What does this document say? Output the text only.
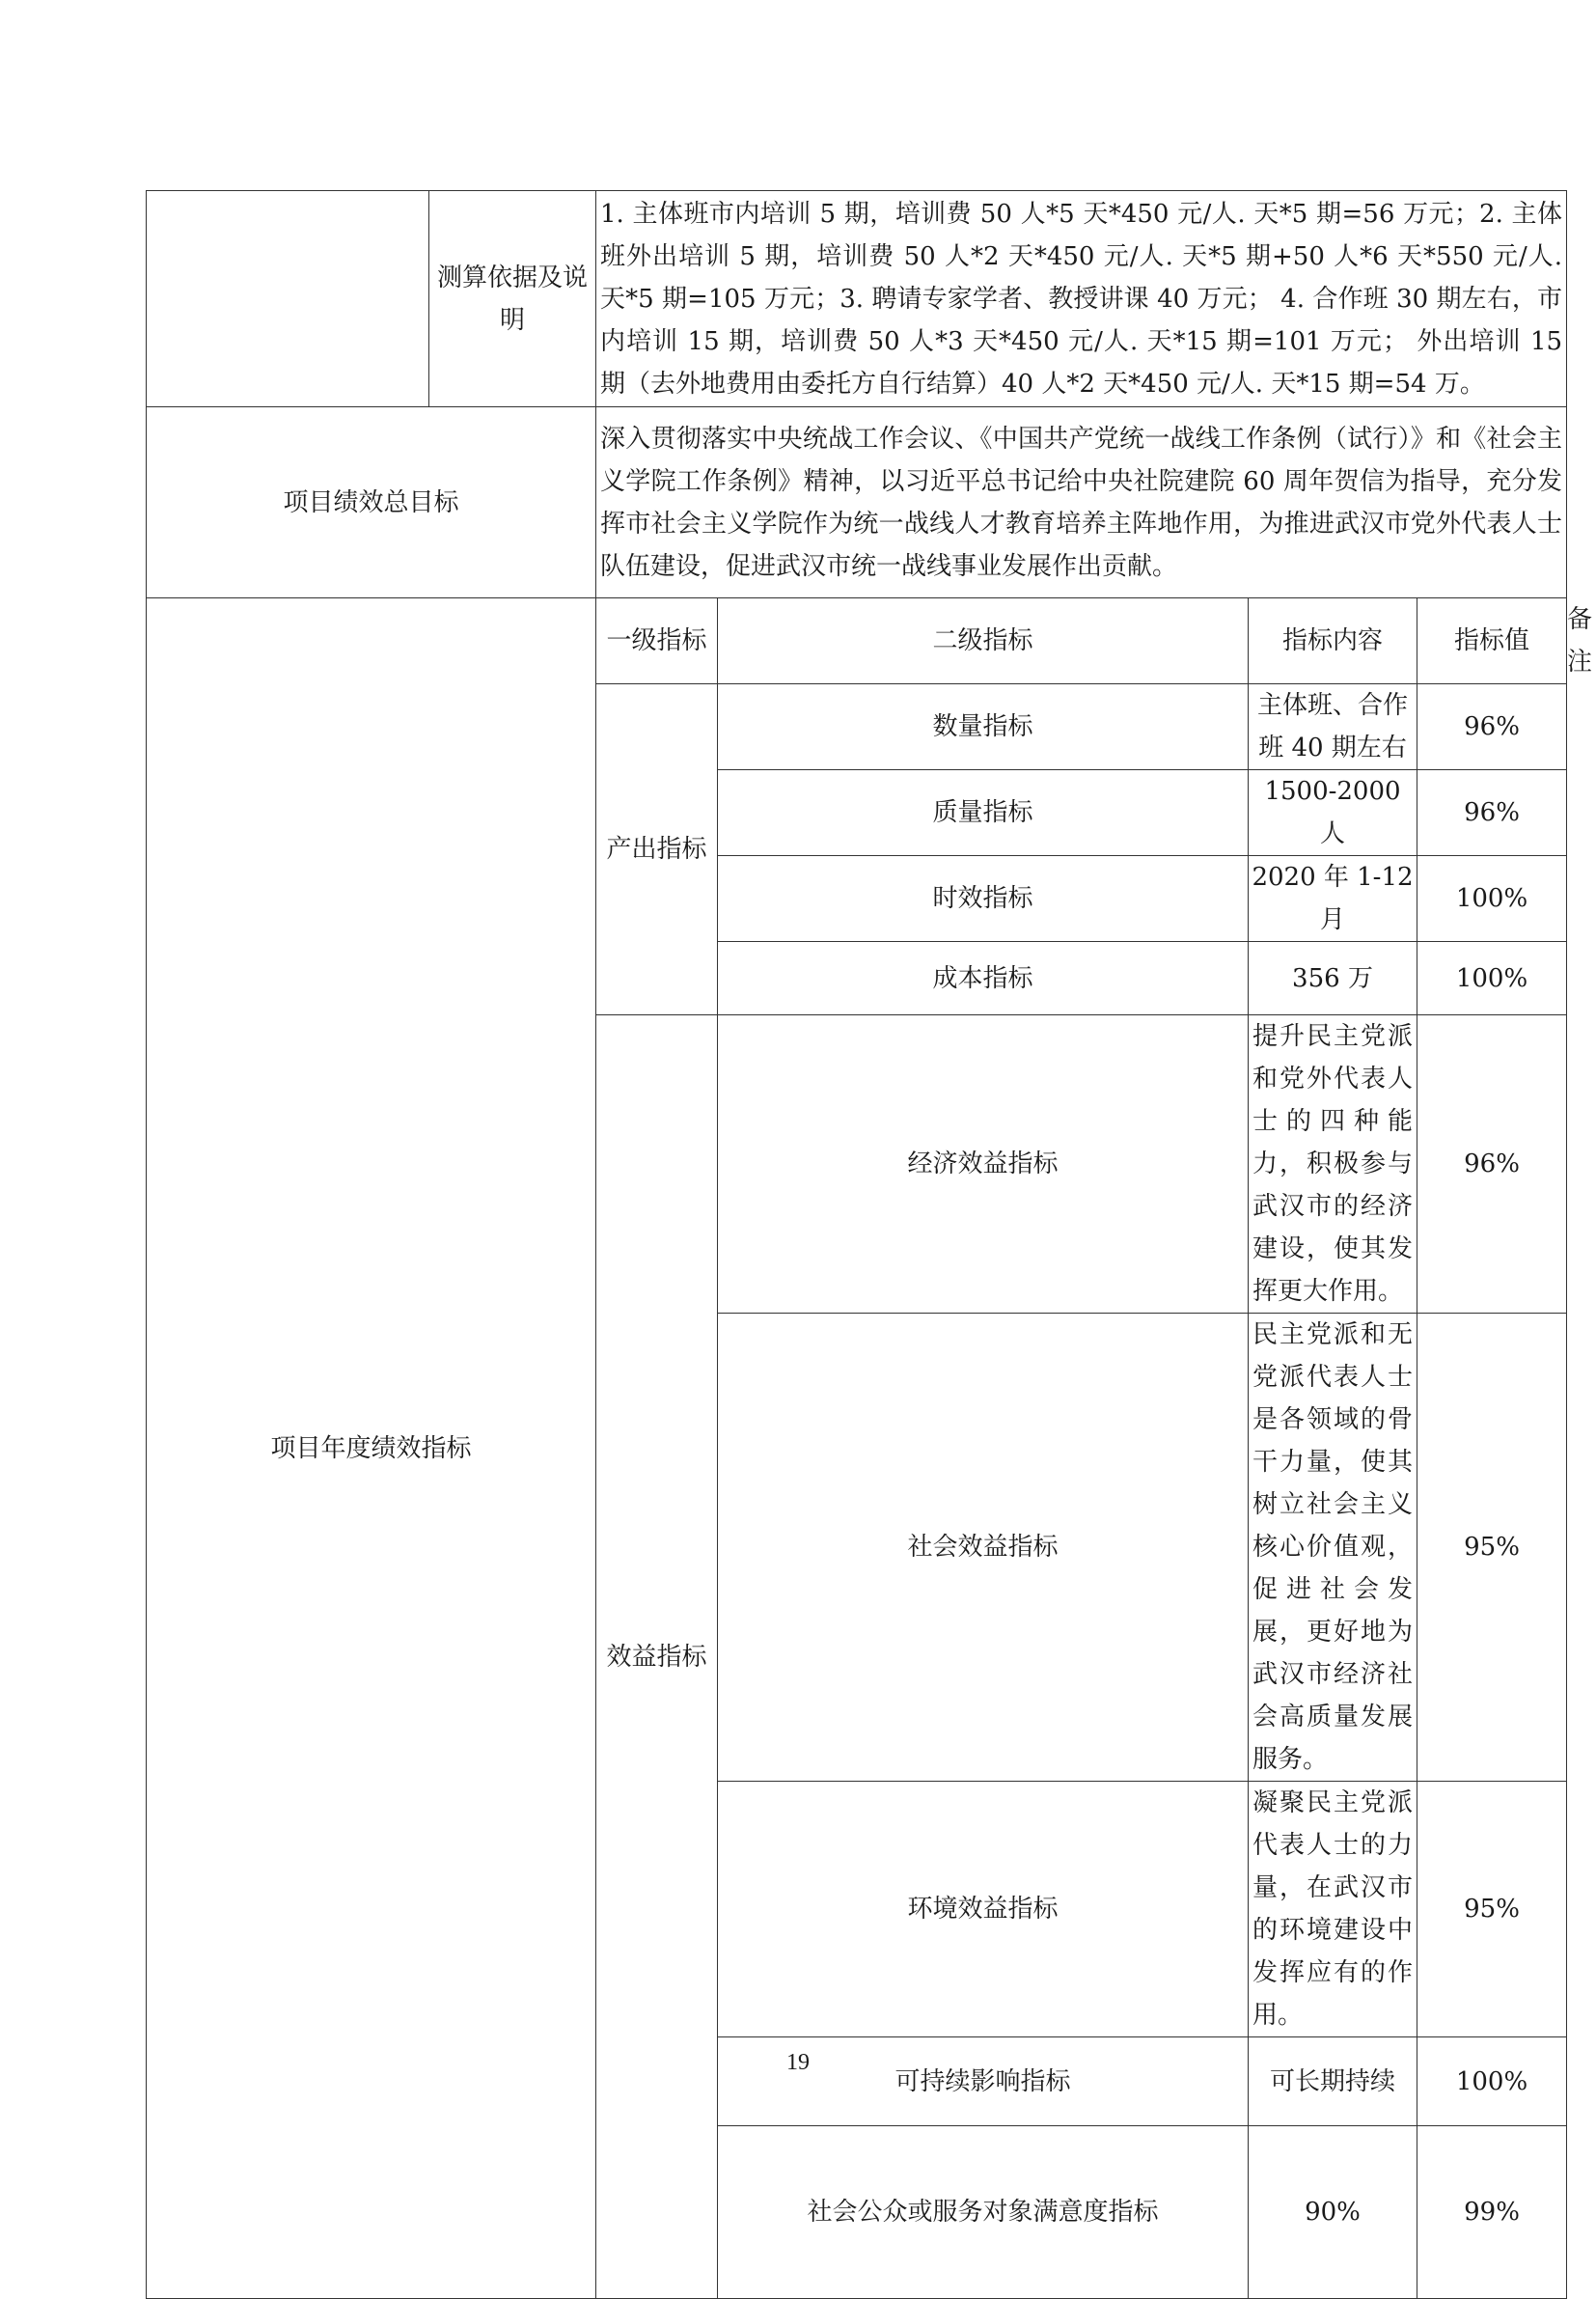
	测算依据及说明	1. 主体班市内培训 5 期，培训费 50 人*5 天*450 元/人. 天*5 期=56 万元；2. 主体班外出培训 5 期，培训费 50 人*2 天*450 元/人. 天*5 期+50 人*6 天*550 元/人. 天*5 期=105 万元；3. 聘请专家学者、教授讲课 40 万元； 4. 合作班 30 期左右，市内培训 15 期，培训费 50 人*3 天*450 元/人. 天*15 期=101 万元； 外出培训 15 期（去外地费用由委托方自行结算）40 人*2 天*450 元/人. 天*15 期=54 万。				
项目绩效总目标		深入贯彻落实中央统战工作会议、《中国共产党统一战线工作条例（试行）》和《社会主义学院工作条例》精神，以习近平总书记给中央社院建院 60 周年贺信为指导，充分发挥市社会主义学院作为统一战线人才教育培养主阵地作用，为推进武汉市党外代表人士队伍建设，促进武汉市统一战线事业发展作出贡献。				
项目年度绩效指标		一级指标	二级指标	指标内容	指标值	备注
		产出指标	数量指标	主体班、合作班 40 期左右	96%	
			质量指标	1500-2000 人	96%	
			时效指标	2020 年 1-12 月	100%	
			成本指标	356 万	100%	
		效益指标	经济效益指标	提升民主党派和党外代表人士的四种能力，积极参与武汉市的经济建设，使其发挥更大作用。	96%	
			社会效益指标	民主党派和无党派代表人士是各领域的骨干力量，使其树立社会主义核心价值观，促进社会发展，更好地为武汉市经济社会高质量发展服务。	95%	
			环境效益指标	凝聚民主党派代表人士的力量，在武汉市的环境建设中发挥应有的作用。	95%	
			可持续影响指标	可长期持续	100%	
			社会公众或服务对象满意度指标	90%	99%	
19
